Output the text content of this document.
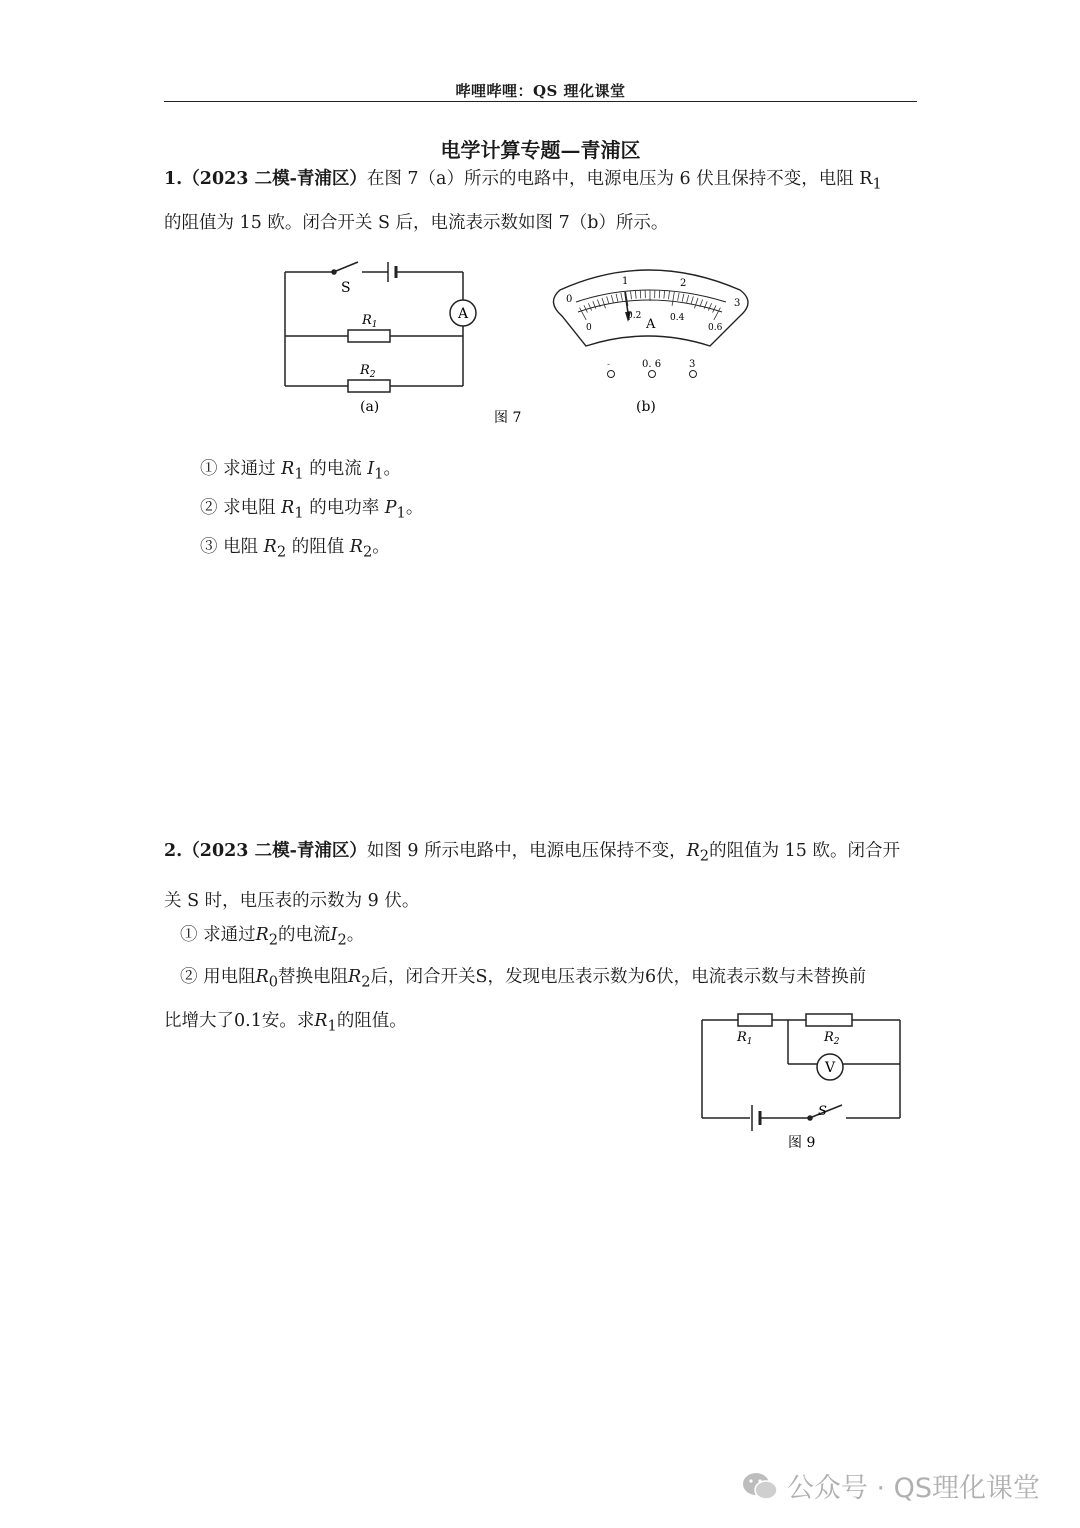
哔哩哔哩：QS 理化课堂
电学计算专题—青浦区
1.（2023 二模-青浦区）在图 7（a）所示的电路中，电源电压为 6 伏且保持不变，电阻 $R_1$
的阻值为 15 欧。闭合开关 S 后，电流表示数如图 7（b）所示。
S
A
$R_1$
$R_2$
(a)
图 7
(b)
0
1	2
3
0
0.2	0.4
0.6
A
-	0. 6	3
① 求通过 $R_1$ 的电流 $I_1$。
② 求电阻 $R_1$ 的电功率 $P_1$。
③ 电阻 $R_2$ 的阻值 $R_2$。
2.（2023 二模-青浦区）如图 9 所示电路中，电源电压保持不变，$R_2$的阻值为 15 欧。闭合开
关 S 时，电压表的示数为 9 伏。
① 求通过$R_2$的电流$I_2$。
② 用电阻$R_0$替换电阻$R_2$后，闭合开关S，发现电压表示数为6伏，电流表示数与未替换前
比增大了0.1安。求$R_1$的阻值。
$R_1$	$R_2$
V
S
图 9
公众号 · QS理化课堂
